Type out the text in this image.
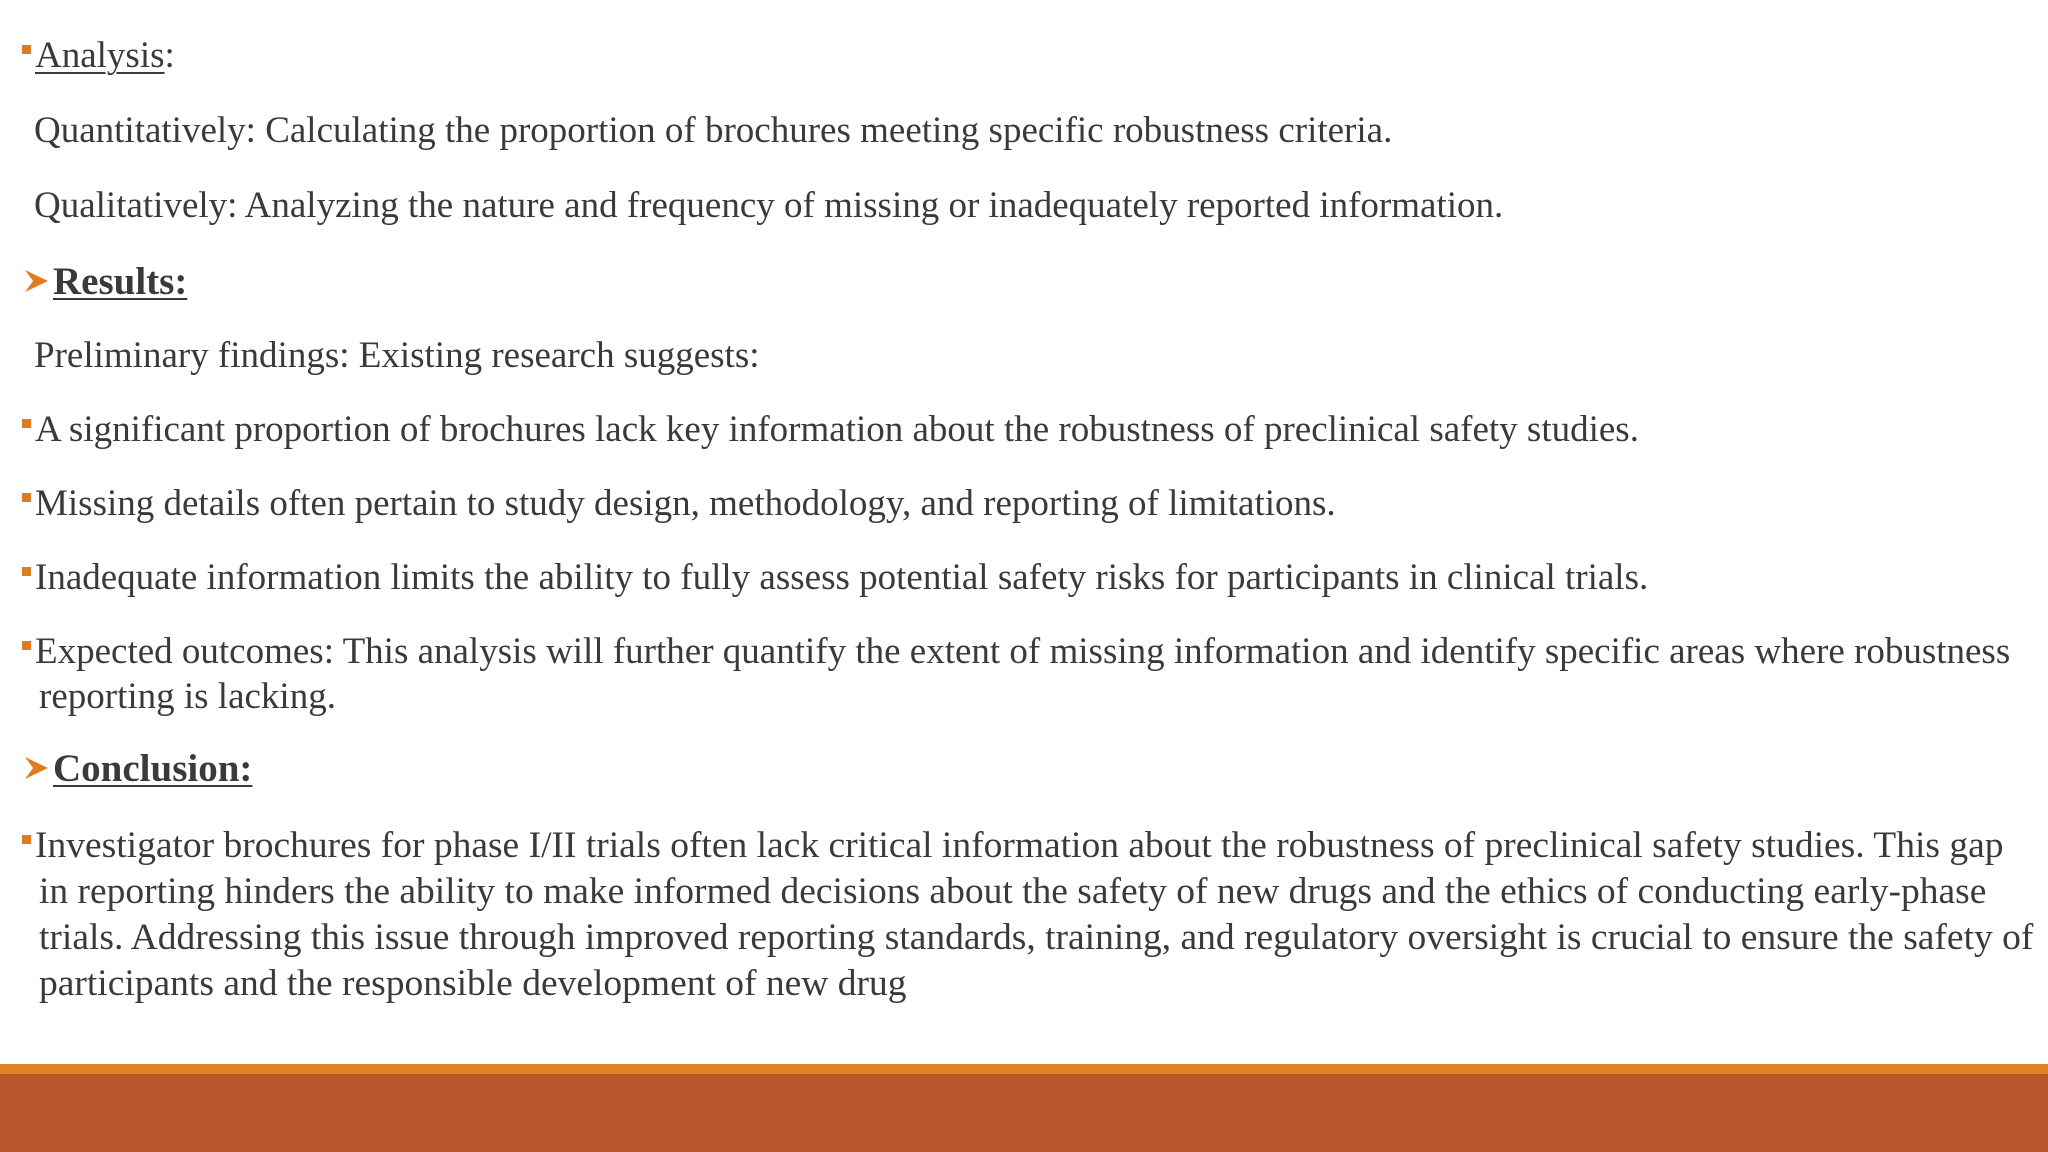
Analysis:
Quantitatively: Calculating the proportion of brochures meeting specific robustness criteria.
Qualitatively: Analyzing the nature and frequency of missing or inadequately reported information.
Results:
Preliminary findings: Existing research suggests:
A significant proportion of brochures lack key information about the robustness of preclinical safety studies.
Missing details often pertain to study design, methodology, and reporting of limitations.
Inadequate information limits the ability to fully assess potential safety risks for participants in clinical trials.
Expected outcomes: This analysis will further quantify the extent of missing information and identify specific areas where robustness reporting is lacking.
Conclusion:
Investigator brochures for phase I/II trials often lack critical information about the robustness of preclinical safety studies. This gap in reporting hinders the ability to make informed decisions about the safety of new drugs and the ethics of conducting early-phase trials. Addressing this issue through improved reporting standards, training, and regulatory oversight is crucial to ensure the safety of participants and the responsible development of new drug
